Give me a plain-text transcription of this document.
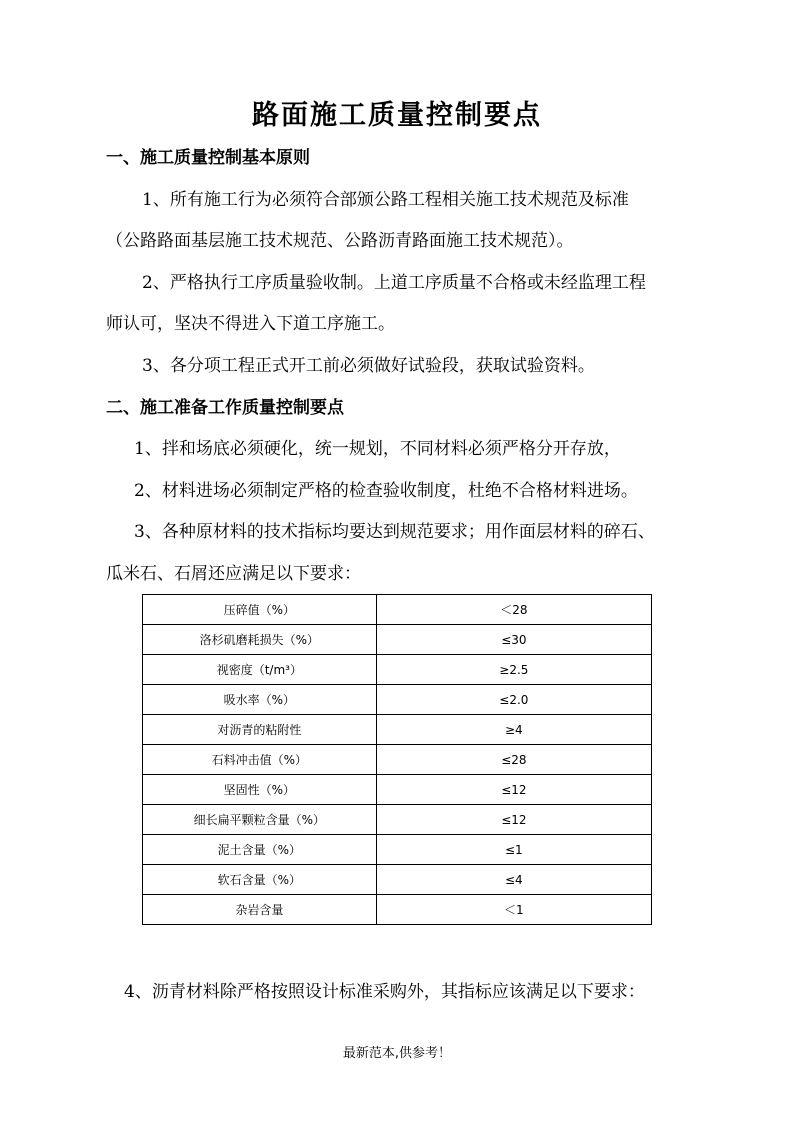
路面施工质量控制要点
一、施工质量控制基本原则
1、所有施工行为必须符合部颁公路工程相关施工技术规范及标准
（公路路面基层施工技术规范、公路沥青路面施工技术规范）。
2、严格执行工序质量验收制。上道工序质量不合格或未经监理工程
师认可，坚决不得进入下道工序施工。
3、各分项工程正式开工前必须做好试验段，获取试验资料。
二、施工准备工作质量控制要点
1、拌和场底必须硬化，统一规划，不同材料必须严格分开存放，
2、材料进场必须制定严格的检查验收制度，杜绝不合格材料进场。
3、各种原材料的技术指标均要达到规范要求；用作面层材料的碎石、
瓜米石、石屑还应满足以下要求：
压碎值（%）	＜28
洛杉矶磨耗损失（%）	≤30
视密度（t/m³）	≥2.5
吸水率（%）	≤2.0
对沥青的粘附性	≥4
石料冲击值（%）	≤28
坚固性（%）	≤12
细长扁平颗粒含量（%）	≤12
泥土含量（%）	≤1
软石含量（%）	≤4
杂岩含量	＜1
4、沥青材料除严格按照设计标准采购外，其指标应该满足以下要求：
最新范本,供参考！
